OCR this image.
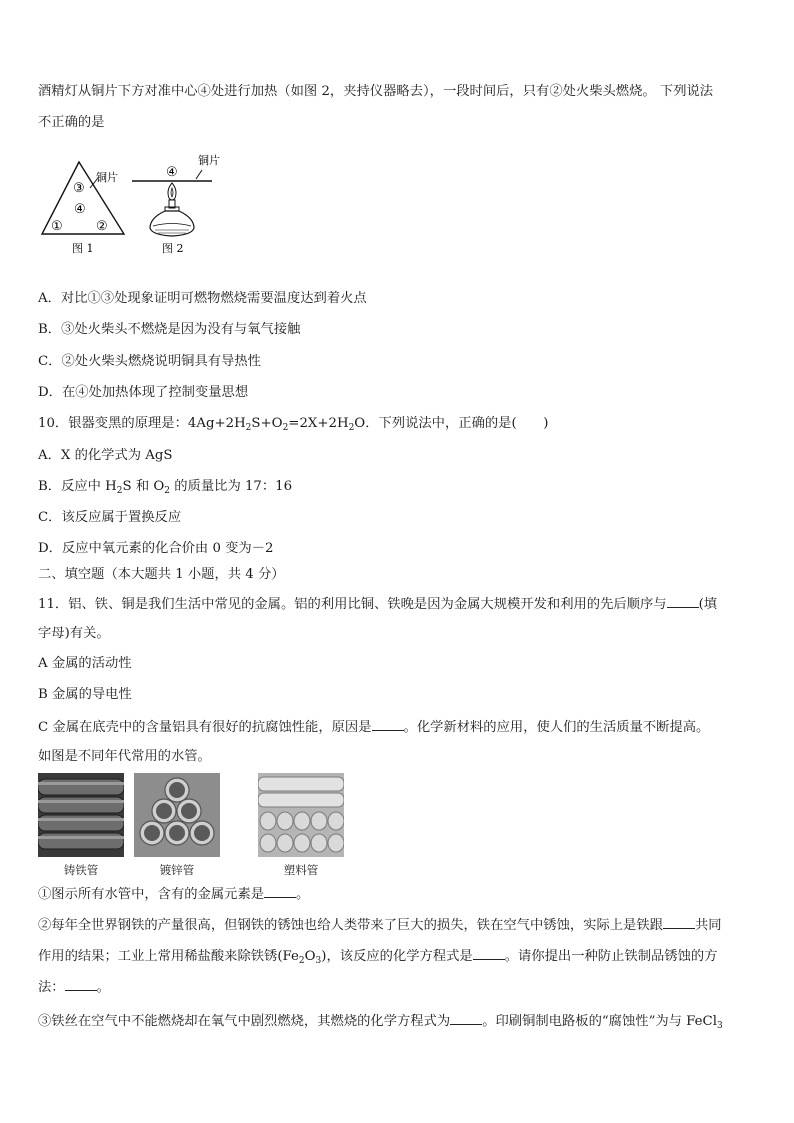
酒精灯从铜片下方对准中心④处进行加热（如图 2，夹持仪器略去），一段时间后，只有②处火柴头燃烧。 下列说法
不正确的是
铜片
③
④
①	②
图 1
铜片
④
图 2
A．对比①③处现象证明可燃物燃烧需要温度达到着火点
B．③处火柴头不燃烧是因为没有与氧气接触
C．②处火柴头燃烧说明铜具有导热性
D．在④处加热体现了控制变量思想
10．银器变黑的原理是：$4Ag+2H_2S+O_2=2X+2H_2O$．下列说法中，正确的是(　　)
A．X 的化学式为 AgS
B．反应中 $H_2S$ 和 $O_2$ 的质量比为 17：16
C．该反应属于置换反应
D．反应中氧元素的化合价由 0 变为－2
二、填空题（本大题共 1 小题，共 4 分）
11．铝、铁、铜是我们生活中常见的金属。铝的利用比铜、铁晚是因为金属大规模开发和利用的先后顺序与 (填
字母)有关。
A 金属的活动性
B 金属的导电性
C 金属在底壳中的含量铝具有很好的抗腐蚀性能，原因是 。化学新材料的应用，使人们的生活质量不断提高。
如图是不同年代常用的水管。
铸铁管	镀锌管	塑料管
①图示所有水管中，含有的金属元素是 。
②每年全世界钢铁的产量很高，但钢铁的锈蚀也给人类带来了巨大的损失，铁在空气中锈蚀，实际上是铁跟 共同
作用的结果；工业上常用稀盐酸来除铁锈$(Fe_2O_3)$，该反应的化学方程式是 。请你提出一种防止铁制品锈蚀的方
法： 。
③铁丝在空气中不能燃烧却在氧气中剧烈燃烧，其燃烧的化学方程式为 。印刷铜制电路板的“腐蚀性”为与 FeCl$_3$
